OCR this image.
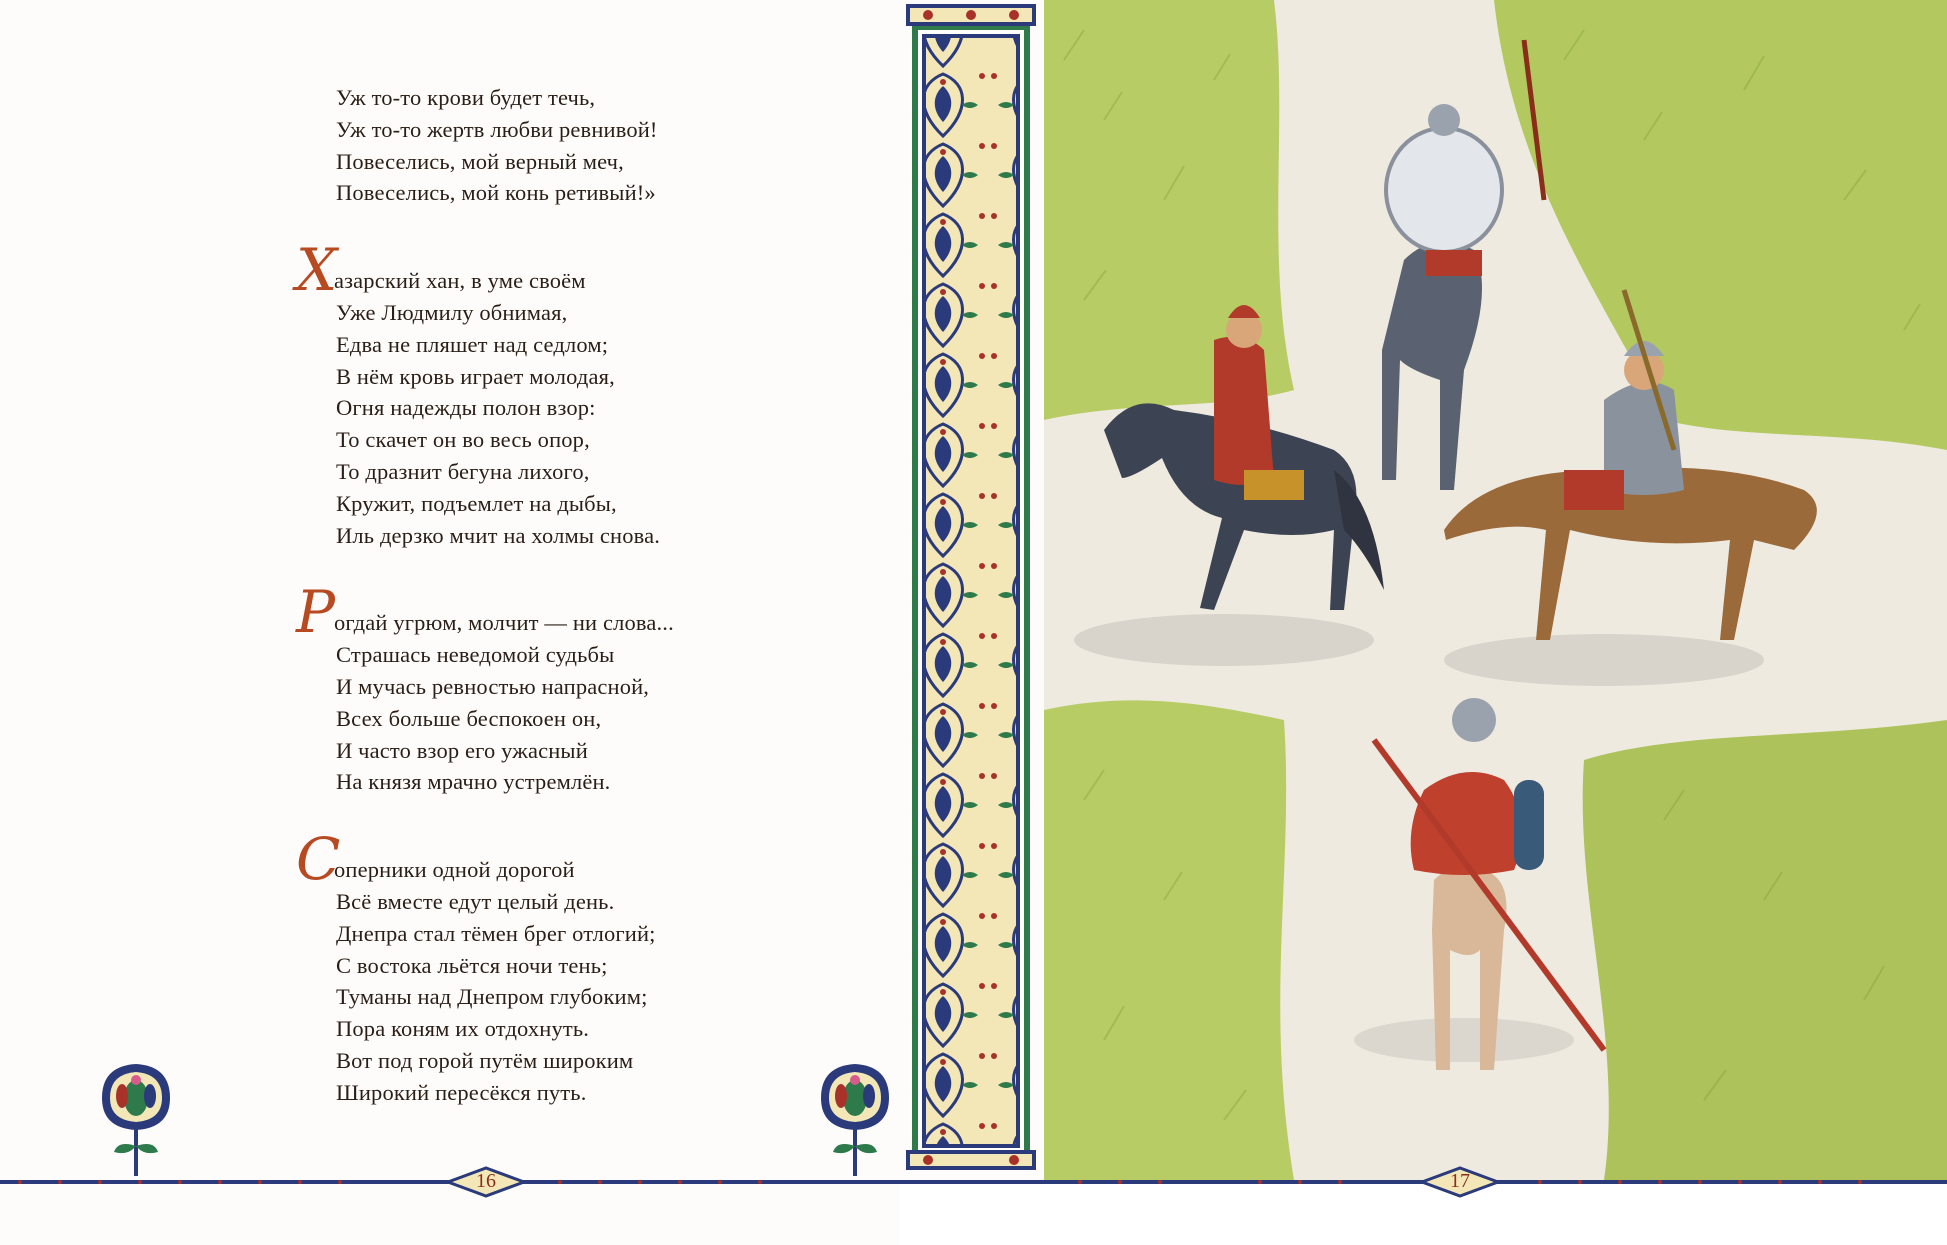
Уж то-то крови будет течь,
Уж то-то жертв любви ревнивой!
Повеселись, мой верный меч,
Повеселись, мой конь ретивый!»
Х
азарский хан, в уме своём
Уже Людмилу обнимая,
Едва не пляшет над седлом;
В нём кровь играет молодая,
Огня надежды полон взор:
То скачет он во весь опор,
То дразнит бегуна лихого,
Кружит, подъемлет на дыбы,
Иль дерзко мчит на холмы снова.
Р
огдай угрюм, молчит — ни слова...
Страшась неведомой судьбы
И мучась ревностью напрасной,
Всех больше беспокоен он,
И часто взор его ужасный
На князя мрачно устремлён.
С
оперники одной дорогой
Всё вместе едут целый день.
Днепра стал тёмен брег отлогий;
С востока льётся ночи тень;
Туманы над Днепром глубоким;
Пора коням их отдохнуть.
Вот под горой путём широким
Широкий пересёкся путь.
16	17
